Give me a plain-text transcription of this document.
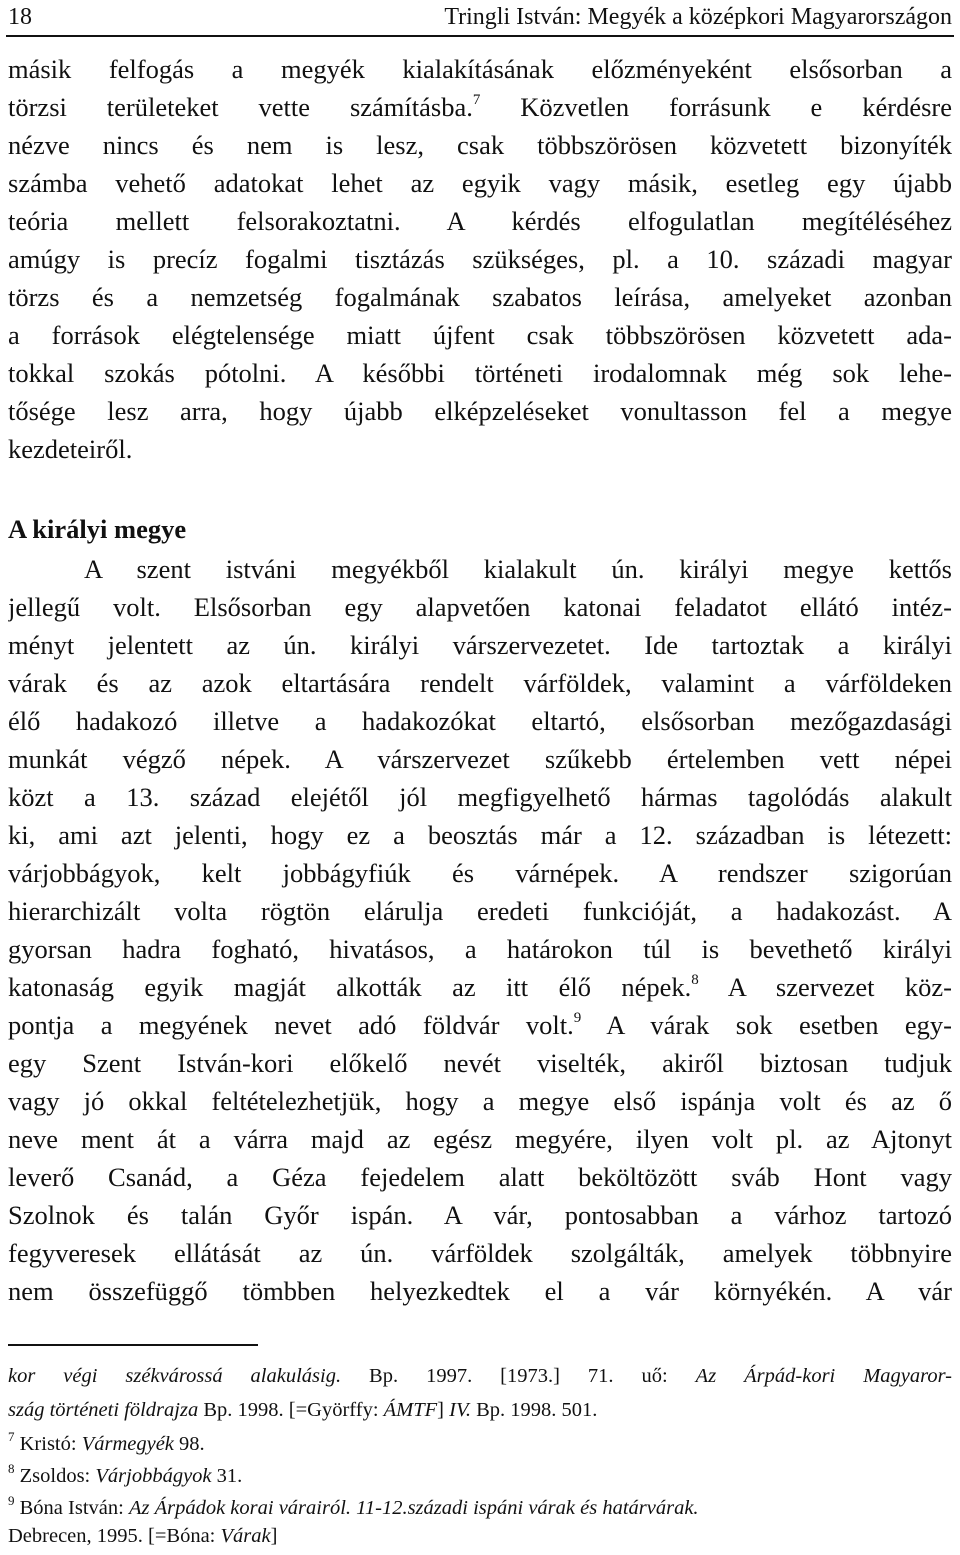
18	Tringli István: Megyék a középkori Magyarországon
másik felfogás a megyék kialakításának előzményeként elsősorban a
törzsi területeket vette számításba.$^7$ Közvetlen forrásunk e kérdésre
nézve nincs és nem is lesz, csak többszörösen közvetett bizonyíték
számba vehető adatokat lehet az egyik vagy másik, esetleg egy újabb
teória mellett felsorakoztatni. A kérdés elfogulatlan megítéléséhez
amúgy is precíz fogalmi tisztázás szükséges, pl. a 10. századi magyar
törzs és a nemzetség fogalmának szabatos leírása, amelyeket azonban
a források elégtelensége miatt újfent csak többszörösen közvetett ada-
tokkal szokás pótolni. A későbbi történeti irodalomnak még sok lehe-
tősége lesz arra, hogy újabb elképzeléseket vonultasson fel a megye
kezdeteiről.
A királyi megye
A szent istváni megyékből kialakult ún. királyi megye kettős
jellegű volt. Elsősorban egy alapvetően katonai feladatot ellátó intéz-
ményt jelentett az ún. királyi várszervezetet. Ide tartoztak a királyi
várak és az azok eltartására rendelt várföldek, valamint a várföldeken
élő hadakozó illetve a hadakozókat eltartó, elsősorban mezőgazdasági
munkát végző népek. A várszervezet szűkebb értelemben vett népei
közt a 13. század elejétől jól megfigyelhető hármas tagolódás alakult
ki, ami azt jelenti, hogy ez a beosztás már a 12. században is létezett:
várjobbágyok, kelt jobbágyfiúk és várnépek. A rendszer szigorúan
hierarchizált volta rögtön elárulja eredeti funkcióját, a hadakozást. A
gyorsan hadra fogható, hivatásos, a határokon túl is bevethető királyi
katonaság egyik magját alkották az itt élő népek.$^8$ A szervezet köz-
pontja a megyének nevet adó földvár volt.$^9$ A várak sok esetben egy-
egy Szent István-kori előkelő nevét viselték, akiről biztosan tudjuk
vagy jó okkal feltételezhetjük, hogy a megye első ispánja volt és az ő
neve ment át a várra majd az egész megyére, ilyen volt pl. az Ajtonyt
leverő Csanád, a Géza fejedelem alatt beköltözött sváb Hont vagy
Szolnok és talán Győr ispán. A vár, pontosabban a várhoz tartozó
fegyveresek ellátását az ún. várföldek szolgálták, amelyek többnyire
nem összefüggő tömbben helyezkedtek el a vár környékén. A vár
kor végi székvárossá alakulásig. Bp. 1997. [1973.] 71. uő: Az Árpád-kori Magyaror-
szág történeti földrajza Bp. 1998. [=Györffy: ÁMTF] IV. Bp. 1998. 501.
$^7$ Kristó: Vármegyék 98.
$^8$ Zsoldos: Várjobbágyok 31.
$^9$ Bóna István: Az Árpádok korai várairól. 11-12.századi ispáni várak és határvárak.
Debrecen, 1995. [=Bóna: Várak]
